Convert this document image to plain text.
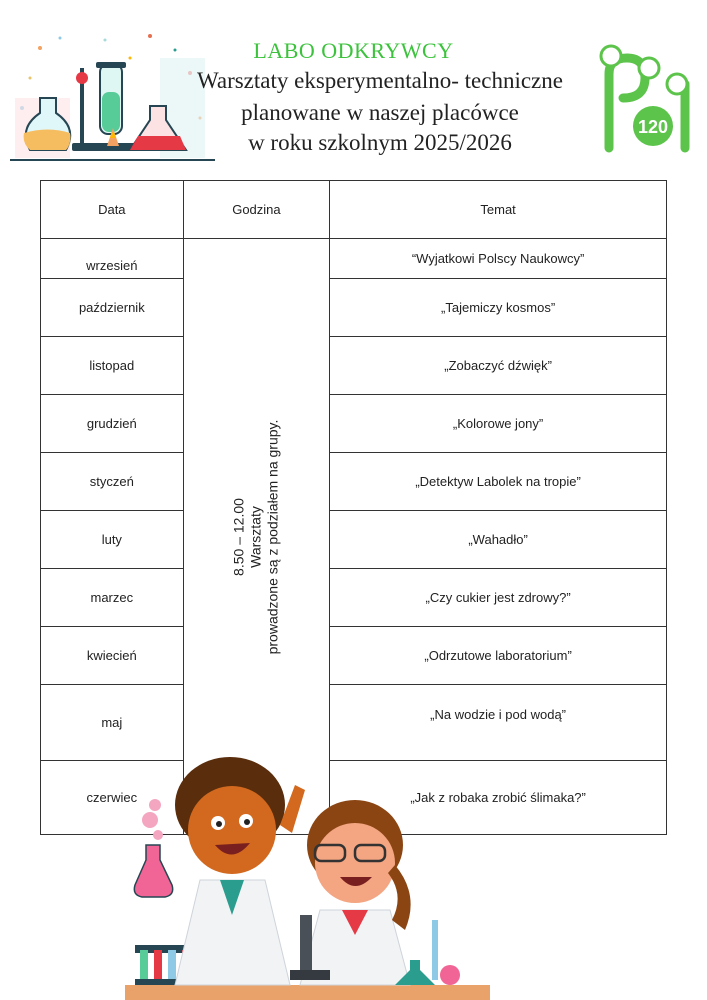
LABO ODKRYWCY
Warsztaty eksperymentalno- techniczne
planowane w naszej placówce
w roku szkolnym 2025/2026
120
Data	Godzina	Temat
wrzesień	8.50 – 12.00 Warsztaty prowadzone są z podziałem na grupy.	“Wyjatkowi Polscy Naukowcy”
październik		„Tajemiczy kosmos”
listopad		„Zobaczyć dźwięk”
grudzień		„Kolorowe jony”
styczeń		„Detektyw Labolek na tropie”
luty		„Wahadło”
marzec		„Czy cukier jest zdrowy?”
kwiecień		„Odrzutowe laboratorium”
maj		„Na wodzie i pod wodą”
czerwiec		„Jak z robaka zrobić ślimaka?”
